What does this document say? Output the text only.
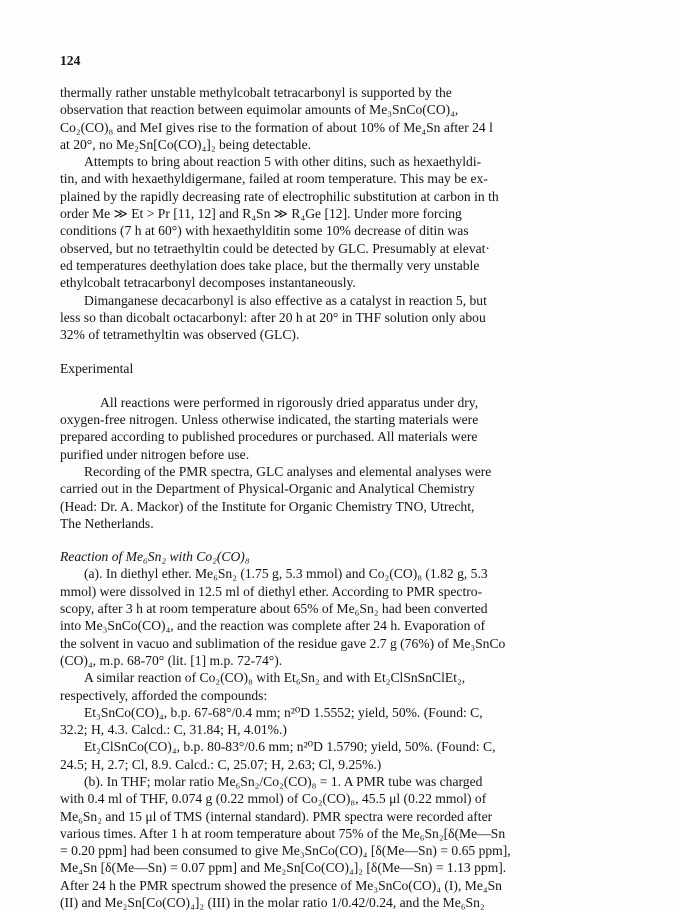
124

thermally rather unstable methylcobalt tetracarbonyl is supported by the

observation that reaction between equimolar amounts of Me₃SnCo(CO)₄,

Co₂(CO)₈ and MeI gives rise to the formation of about 10% of Me₄Sn after 24 l

at 20°, no Me₂Sn[Co(CO)₄]₂ being detectable.

Attempts to bring about reaction 5 with other ditins, such as hexaethyldi-

tin, and with hexaethyldigermane, failed at room temperature. This may be ex-

plained by the rapidly decreasing rate of electrophilic substitution at carbon in th

order Me ≫ Et > Pr [11, 12] and R₄Sn ≫ R₄Ge [12]. Under more forcing

conditions (7 h at 60°) with hexaethylditin some 10% decrease of ditin was

observed, but no tetraethyltin could be detected by GLC. Presumably at elevat·

ed temperatures deethylation does take place, but the thermally very unstable

ethylcobalt tetracarbonyl decomposes instantaneously.

Dimanganese decacarbonyl is also effective as a catalyst in reaction 5, but

less so than dicobalt octacarbonyl: after 20 h at 20° in THF solution only abou

32% of tetramethyltin was observed (GLC).

Experimental

All reactions were performed in rigorously dried apparatus under dry,

oxygen-free nitrogen. Unless otherwise indicated, the starting materials were

prepared according to published procedures or purchased. All materials were

purified under nitrogen before use.

Recording of the PMR spectra, GLC analyses and elemental analyses were

carried out in the Department of Physical-Organic and Analytical Chemistry

(Head: Dr. A. Mackor) of the Institute for Organic Chemistry TNO, Utrecht,

The Netherlands.

Reaction of Me₆Sn₂ with Co₂(CO)₈

(a). In diethyl ether. Me₆Sn₂ (1.75 g, 5.3 mmol) and Co₂(CO)₈ (1.82 g, 5.3

mmol) were dissolved in 12.5 ml of diethyl ether. According to PMR spectro-

scopy, after 3 h at room temperature about 65% of Me₆Sn₂ had been converted

into Me₃SnCo(CO)₄, and the reaction was complete after 24 h. Evaporation of

the solvent in vacuo and sublimation of the residue gave 2.7 g (76%) of Me₃SnCo

(CO)₄, m.p. 68-70° (lit. [1] m.p. 72-74°).

A similar reaction of Co₂(CO)₈ with Et₆Sn₂ and with Et₂ClSnSnClEt₂,

respectively, afforded the compounds:

Et₃SnCo(CO)₄, b.p. 67-68°/0.4 mm; n²⁰D 1.5552; yield, 50%. (Found: C,

32.2; H, 4.3. Calcd.: C, 31.84; H, 4.01%.)

Et₂ClSnCo(CO)₄, b.p. 80-83°/0.6 mm; n²⁰D 1.5790; yield, 50%. (Found: C,

24.5; H, 2.7; Cl, 8.9. Calcd.: C, 25.07; H, 2.63; Cl, 9.25%.)

(b). In THF; molar ratio Me₆Sn₂/Co₂(CO)₈ = 1. A PMR tube was charged

with 0.4 ml of THF, 0.074 g (0.22 mmol) of Co₂(CO)₈, 45.5 μl (0.22 mmol) of

Me₆Sn₂ and 15 μl of TMS (internal standard). PMR spectra were recorded after

various times. After 1 h at room temperature about 75% of the Me₆Sn₂[δ(Me—Sn

= 0.20 ppm] had been consumed to give Me₃SnCo(CO)₄ [δ(Me—Sn) = 0.65 ppm],

Me₄Sn [δ(Me—Sn) = 0.07 ppm] and Me₂Sn[Co(CO)₄]₂ [δ(Me—Sn) = 1.13 ppm].

After 24 h the PMR spectrum showed the presence of Me₃SnCo(CO)₄ (I), Me₄Sn

(II) and Me₂Sn[Co(CO)₄]₂ (III) in the molar ratio 1/0.42/0.24, and the Me₆Sn₂
